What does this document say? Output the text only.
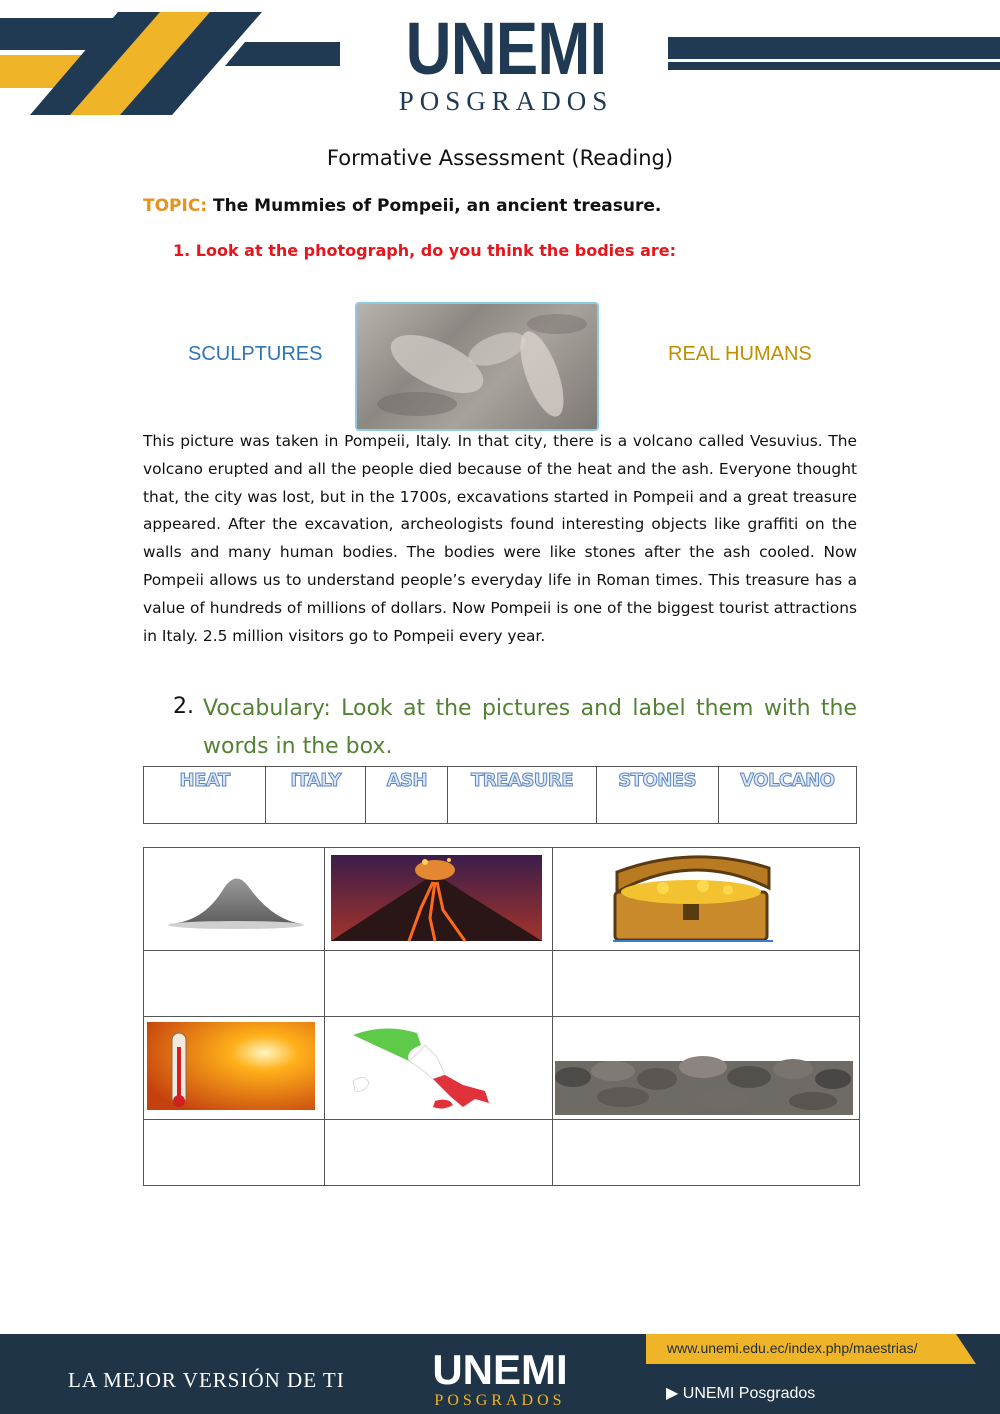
UNEMI
POSGRADOS
Formative Assessment (Reading)
TOPIC: The Mummies of Pompeii, an ancient treasure.
1. Look at the photograph, do you think the bodies are:
SCULPTURES	REAL HUMANS
This picture was taken in Pompeii, Italy. In that city, there is a volcano called Vesuvius. The volcano erupted and all the people died because of the heat and the ash. Everyone thought that, the city was lost, but in the 1700s, excavations started in Pompeii and a great treasure appeared. After the excavation, archeologists found interesting objects like graffiti on the walls and many human bodies. The bodies were like stones after the ash cooled. Now Pompeii allows us to understand people’s everyday life in Roman times. This treasure has a value of hundreds of millions of dollars. Now Pompeii is one of the biggest tourist attractions in Italy. 2.5 million visitors go to Pompeii every year.
2. Vocabulary: Look at the pictures and label them with the words in the box.
HEAT	ITALY	ASH	TREASURE	STONES	VOLCANO

LA MEJOR VERSIÓN DE TI	UNEMI
POSGRADOS
www.unemi.edu.ec/index.php/maestrias/
▶ UNEMI Posgrados
